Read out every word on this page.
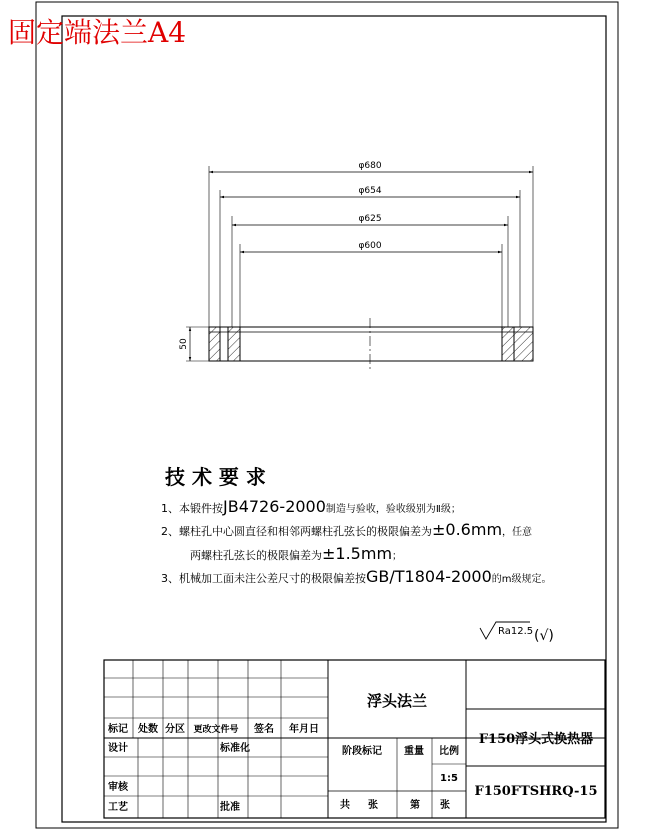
固定端法兰A4
φ680
φ654
φ625
φ600
50
技 术 要 求
1、本锻件按JB4726-2000制造与验收，验收级别为Ⅱ级；
2、螺柱孔中心圆直径和相邻两螺柱孔弦长的极限偏差为±0.6mm，任意
两螺柱孔弦长的极限偏差为±1.5mm；
3、机械加工面未注公差尺寸的极限偏差按GB/T1804-2000的m级规定。
Ra12.5 (√)
标记 处数 分区 更改文件号 签名 年月日
设计	标准化
审核
工艺	批准
阶段标记 重量 比例
1:5
共 张	第 张
浮头法兰
F150浮头式换热器
F150FTSHRQ-15
